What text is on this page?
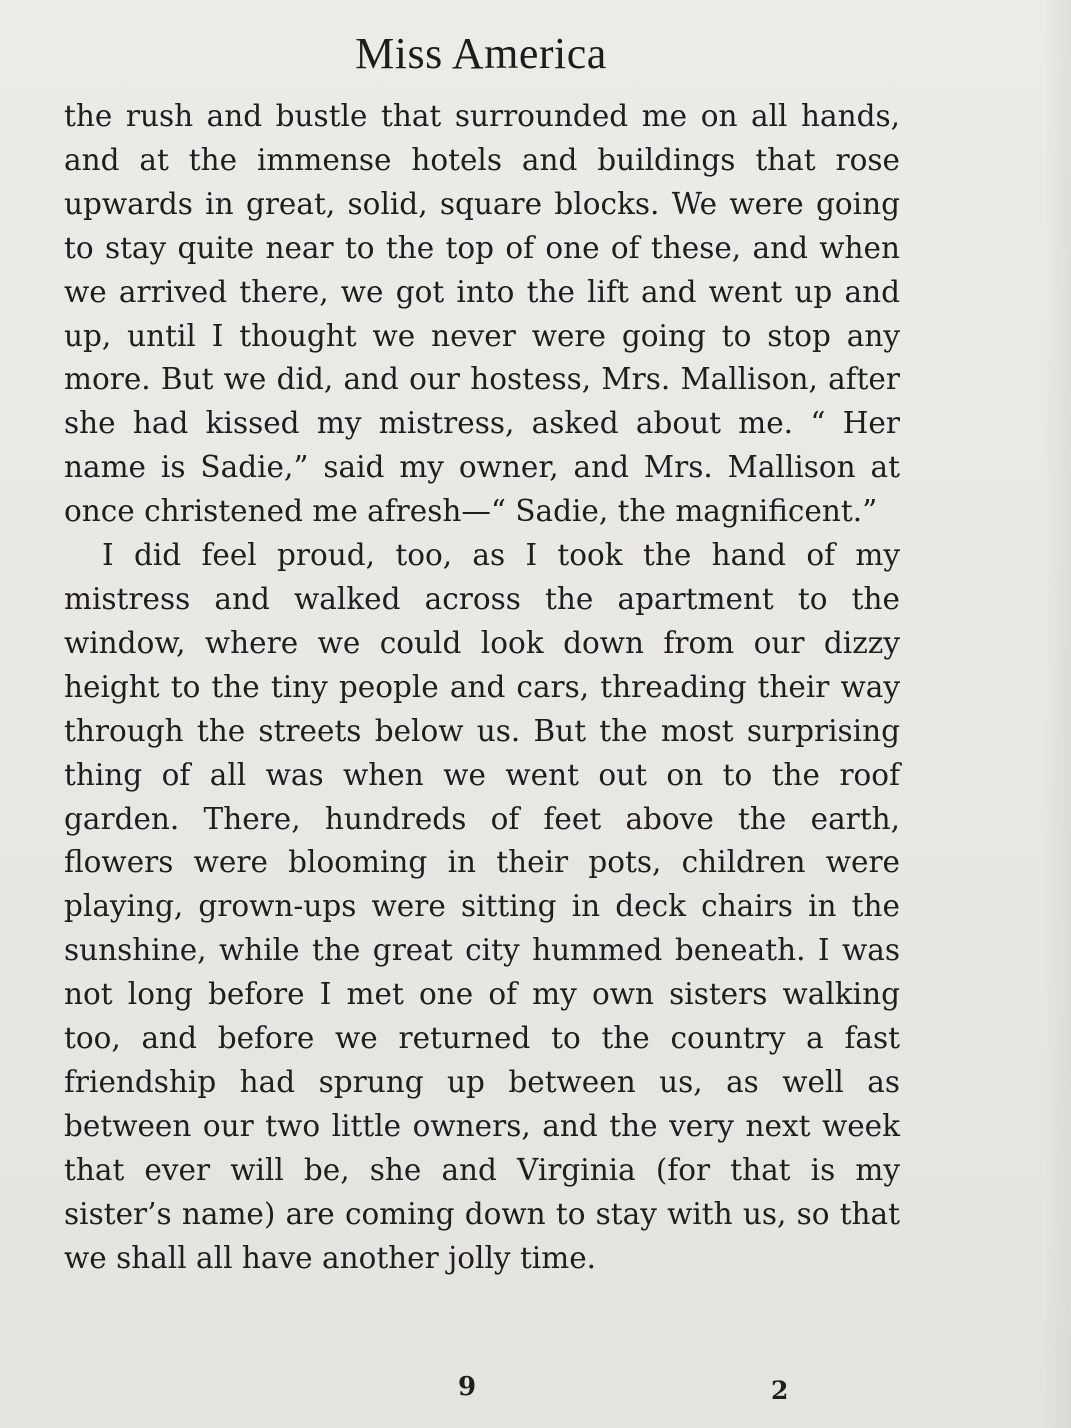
Miss America

the rush and bustle that surrounded me on all hands, and at the immense hotels and buildings that rose upwards in great, solid, square blocks. We were going to stay quite near to the top of one of these, and when we arrived there, we got into the lift and went up and up, until I thought we never were going to stop any more. But we did, and our hostess, Mrs. Mallison, after she had kissed my mistress, asked about me. “ Her name is Sadie,” said my owner, and Mrs. Mallison at once christened me afresh—“ Sadie, the magnificent.”

I did feel proud, too, as I took the hand of my mistress and walked across the apartment to the window, where we could look down from our dizzy height to the tiny people and cars, threading their way through the streets below us. But the most surprising thing of all was when we went out on to the roof garden. There, hundreds of feet above the earth, flowers were blooming in their pots, children were playing, grown-ups were sitting in deck chairs in the sunshine, while the great city hummed beneath. I was not long before I met one of my own sisters walking too, and before we returned to the country a fast friendship had sprung up between us, as well as between our two little owners, and the very next week that ever will be, she and Virginia (for that is my sister’s name) are coming down to stay with us, so that we shall all have another jolly time.

9	2
